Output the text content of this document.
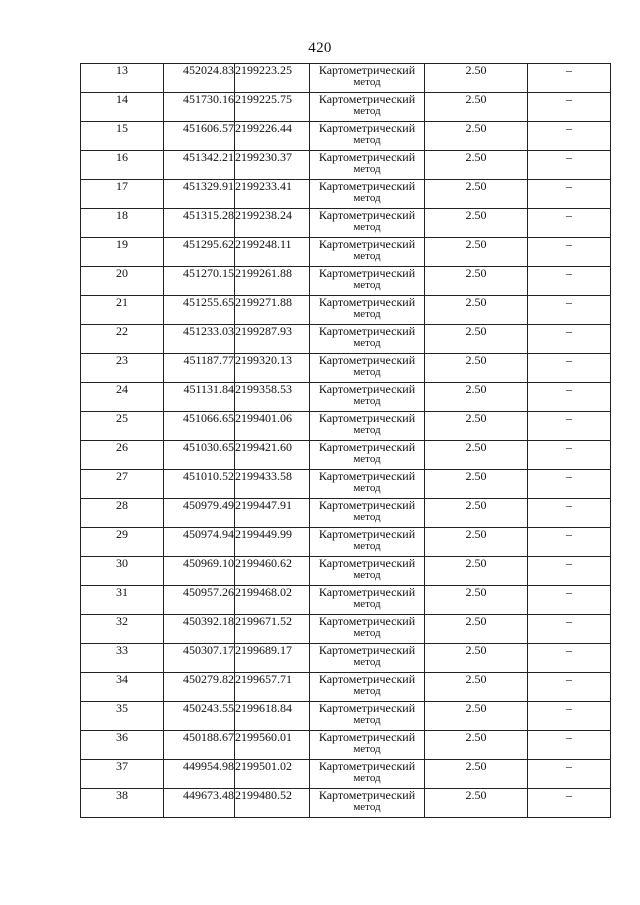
420
13	452024.83	2199223.25	Картометрический
метод	2.50	–
14	451730.16	2199225.75	Картометрический
метод	2.50	–
15	451606.57	2199226.44	Картометрический
метод	2.50	–
16	451342.21	2199230.37	Картометрический
метод	2.50	–
17	451329.91	2199233.41	Картометрический
метод	2.50	–
18	451315.28	2199238.24	Картометрический
метод	2.50	–
19	451295.62	2199248.11	Картометрический
метод	2.50	–
20	451270.15	2199261.88	Картометрический
метод	2.50	–
21	451255.65	2199271.88	Картометрический
метод	2.50	–
22	451233.03	2199287.93	Картометрический
метод	2.50	–
23	451187.77	2199320.13	Картометрический
метод	2.50	–
24	451131.84	2199358.53	Картометрический
метод	2.50	–
25	451066.65	2199401.06	Картометрический
метод	2.50	–
26	451030.65	2199421.60	Картометрический
метод	2.50	–
27	451010.52	2199433.58	Картометрический
метод	2.50	–
28	450979.49	2199447.91	Картометрический
метод	2.50	–
29	450974.94	2199449.99	Картометрический
метод	2.50	–
30	450969.10	2199460.62	Картометрический
метод	2.50	–
31	450957.26	2199468.02	Картометрический
метод	2.50	–
32	450392.18	2199671.52	Картометрический
метод	2.50	–
33	450307.17	2199689.17	Картометрический
метод	2.50	–
34	450279.82	2199657.71	Картометрический
метод	2.50	–
35	450243.55	2199618.84	Картометрический
метод	2.50	–
36	450188.67	2199560.01	Картометрический
метод	2.50	–
37	449954.98	2199501.02	Картометрический
метод	2.50	–
38	449673.48	2199480.52	Картометрический
метод	2.50	–
